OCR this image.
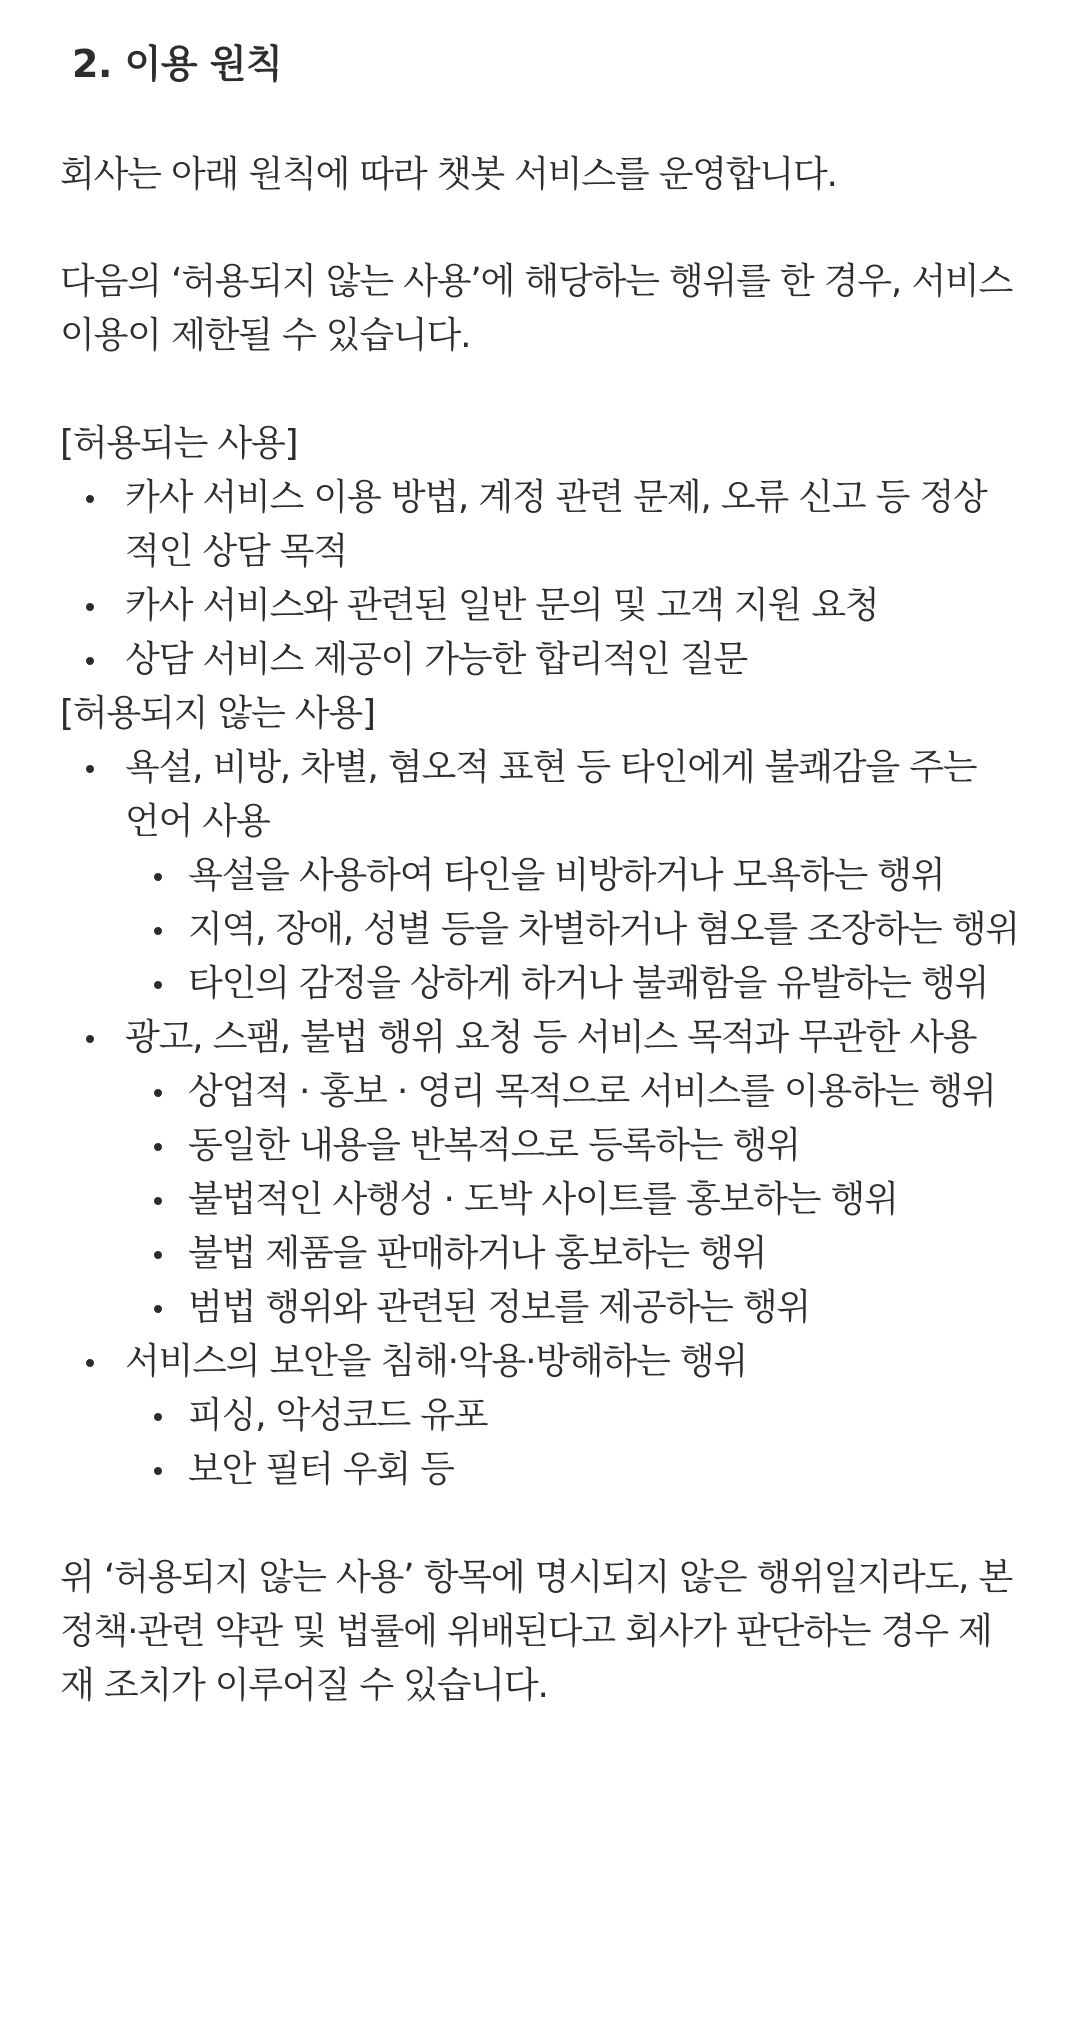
2. 이용 원칙

회사는 아래 원칙에 따라 챗봇 서비스를 운영합니다.

다음의 ‘허용되지 않는 사용’에 해당하는 행위를 한 경우, 서비스 이용이 제한될 수 있습니다.

[허용되는 사용]
카사 서비스 이용 방법, 계정 관련 문제, 오류 신고 등 정상적인 상담 목적
카사 서비스와 관련된 일반 문의 및 고객 지원 요청
상담 서비스 제공이 가능한 합리적인 질문
[허용되지 않는 사용]
욕설, 비방, 차별, 혐오적 표현 등 타인에게 불쾌감을 주는 언어 사용
욕설을 사용하여 타인을 비방하거나 모욕하는 행위
지역, 장애, 성별 등을 차별하거나 혐오를 조장하는 행위
타인의 감정을 상하게 하거나 불쾌함을 유발하는 행위
광고, 스팸, 불법 행위 요청 등 서비스 목적과 무관한 사용
상업적 · 홍보 · 영리 목적으로 서비스를 이용하는 행위
동일한 내용을 반복적으로 등록하는 행위
불법적인 사행성 · 도박 사이트를 홍보하는 행위
불법 제품을 판매하거나 홍보하는 행위
범법 행위와 관련된 정보를 제공하는 행위
서비스의 보안을 침해·악용·방해하는 행위
피싱, 악성코드 유포
보안 필터 우회 등

위 ‘허용되지 않는 사용’ 항목에 명시되지 않은 행위일지라도, 본 정책·관련 약관 및 법률에 위배된다고 회사가 판단하는 경우 제재 조치가 이루어질 수 있습니다.
